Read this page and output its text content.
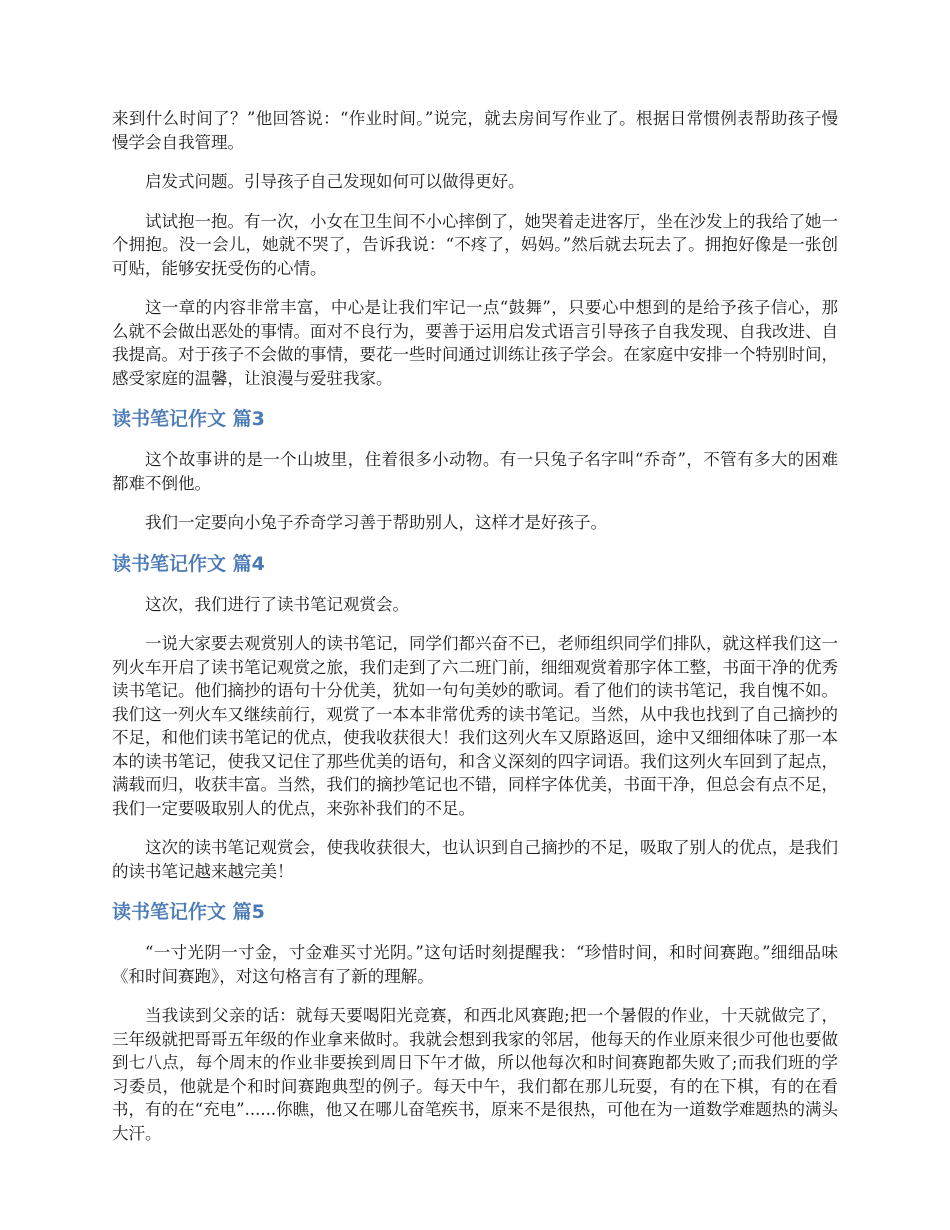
来到什么时间了？”他回答说：“作业时间。”说完，就去房间写作业了。根据日常惯例表帮助孩子慢慢学会自我管理。

启发式问题。引导孩子自己发现如何可以做得更好。

试试抱一抱。有一次，小女在卫生间不小心摔倒了，她哭着走进客厅，坐在沙发上的我给了她一个拥抱。没一会儿，她就不哭了，告诉我说：“不疼了，妈妈。”然后就去玩去了。拥抱好像是一张创可贴，能够安抚受伤的心情。

这一章的内容非常丰富，中心是让我们牢记一点“鼓舞”，只要心中想到的是给予孩子信心，那么就不会做出恶处的事情。面对不良行为，要善于运用启发式语言引导孩子自我发现、自我改进、自我提高。对于孩子不会做的事情，要花一些时间通过训练让孩子学会。在家庭中安排一个特别时间，感受家庭的温馨，让浪漫与爱驻我家。

读书笔记作文 篇3

这个故事讲的是一个山坡里，住着很多小动物。有一只兔子名字叫“乔奇”，不管有多大的困难都难不倒他。

我们一定要向小兔子乔奇学习善于帮助别人，这样才是好孩子。

读书笔记作文 篇4

这次，我们进行了读书笔记观赏会。

一说大家要去观赏别人的读书笔记，同学们都兴奋不已，老师组织同学们排队，就这样我们这一列火车开启了读书笔记观赏之旅，我们走到了六二班门前，细细观赏着那字体工整，书面干净的优秀读书笔记。他们摘抄的语句十分优美，犹如一句句美妙的歌词。看了他们的读书笔记，我自愧不如。我们这一列火车又继续前行，观赏了一本本非常优秀的读书笔记。当然，从中我也找到了自己摘抄的不足，和他们读书笔记的优点，使我收获很大！我们这列火车又原路返回，途中又细细体味了那一本本的读书笔记，使我又记住了那些优美的语句，和含义深刻的四字词语。我们这列火车回到了起点，满载而归，收获丰富。当然，我们的摘抄笔记也不错，同样字体优美，书面干净，但总会有点不足，我们一定要吸取别人的优点，来弥补我们的不足。

这次的读书笔记观赏会，使我收获很大，也认识到自己摘抄的不足，吸取了别人的优点，是我们的读书笔记越来越完美！

读书笔记作文 篇5

“一寸光阴一寸金，寸金难买寸光阴。”这句话时刻提醒我：“珍惜时间，和时间赛跑。”细细品味《和时间赛跑》，对这句格言有了新的理解。

当我读到父亲的话：就每天要喝阳光竞赛，和西北风赛跑;把一个暑假的作业，十天就做完了，三年级就把哥哥五年级的作业拿来做时。我就会想到我家的邻居，他每天的作业原来很少可他也要做到七八点，每个周末的作业非要挨到周日下午才做，所以他每次和时间赛跑都失败了;而我们班的学习委员，他就是个和时间赛跑典型的例子。每天中午，我们都在那儿玩耍，有的在下棋，有的在看书，有的在“充电”......你瞧，他又在哪儿奋笔疾书，原来不是很热，可他在为一道数学难题热的满头大汗。
